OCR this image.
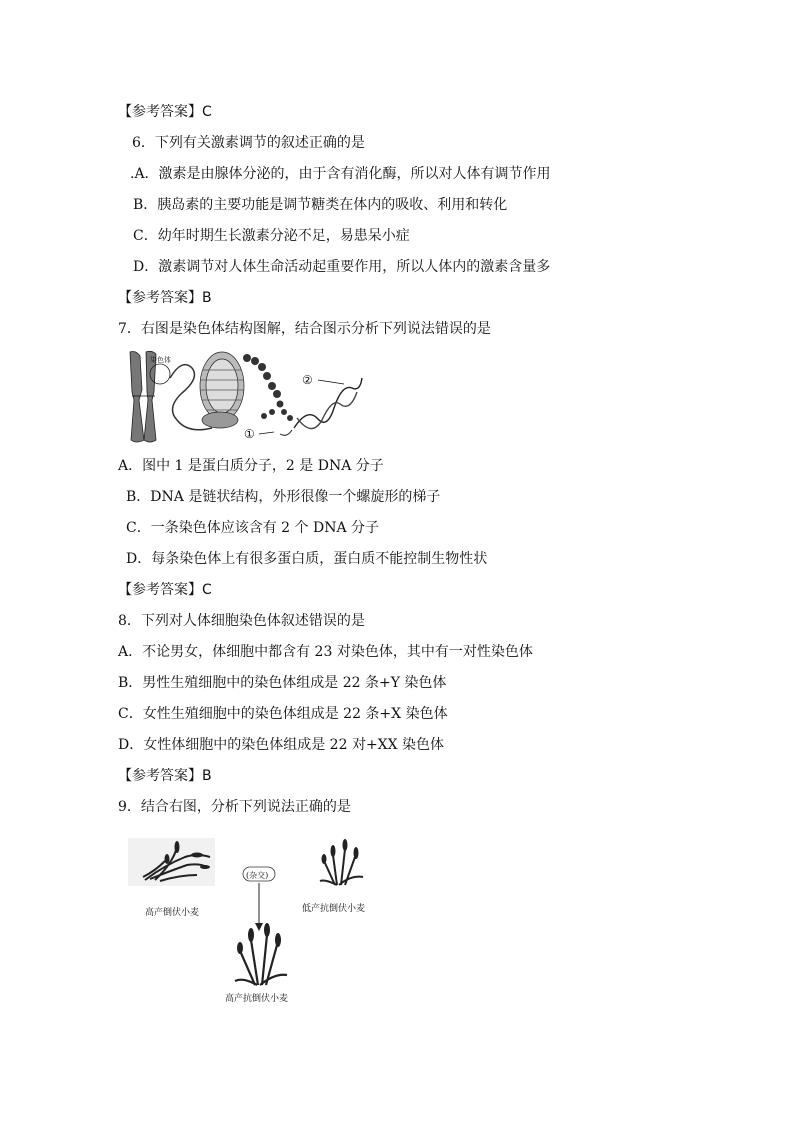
【参考答案】C
6．下列有关激素调节的叙述正确的是
.A．激素是由腺体分泌的，由于含有消化酶，所以对人体有调节作用
B．胰岛素的主要功能是调节糖类在体内的吸收、利用和转化
C．幼年时期生长激素分泌不足，易患呆小症
D．激素调节对人体生命活动起重要作用，所以人体内的激素含量多
【参考答案】B
7．右图是染色体结构图解，结合图示分析下列说法错误的是
染色体
②
①
A．图中 1 是蛋白质分子，2 是 DNA 分子
B．DNA 是链状结构，外形很像一个螺旋形的梯子
C．一条染色体应该含有 2 个 DNA 分子
D．每条染色体上有很多蛋白质，蛋白质不能控制生物性状
【参考答案】C
8．下列对人体细胞染色体叙述错误的是
A．不论男女，体细胞中都含有 23 对染色体，其中有一对性染色体
B．男性生殖细胞中的染色体组成是 22 条+Y 染色体
C．女性生殖细胞中的染色体组成是 22 条+X 染色体
D．女性体细胞中的染色体组成是 22 对+XX 染色体
【参考答案】B
9．结合右图，分析下列说法正确的是
高产倒伏小麦
(杂交)
低产抗倒伏小麦
高产抗倒伏小麦
